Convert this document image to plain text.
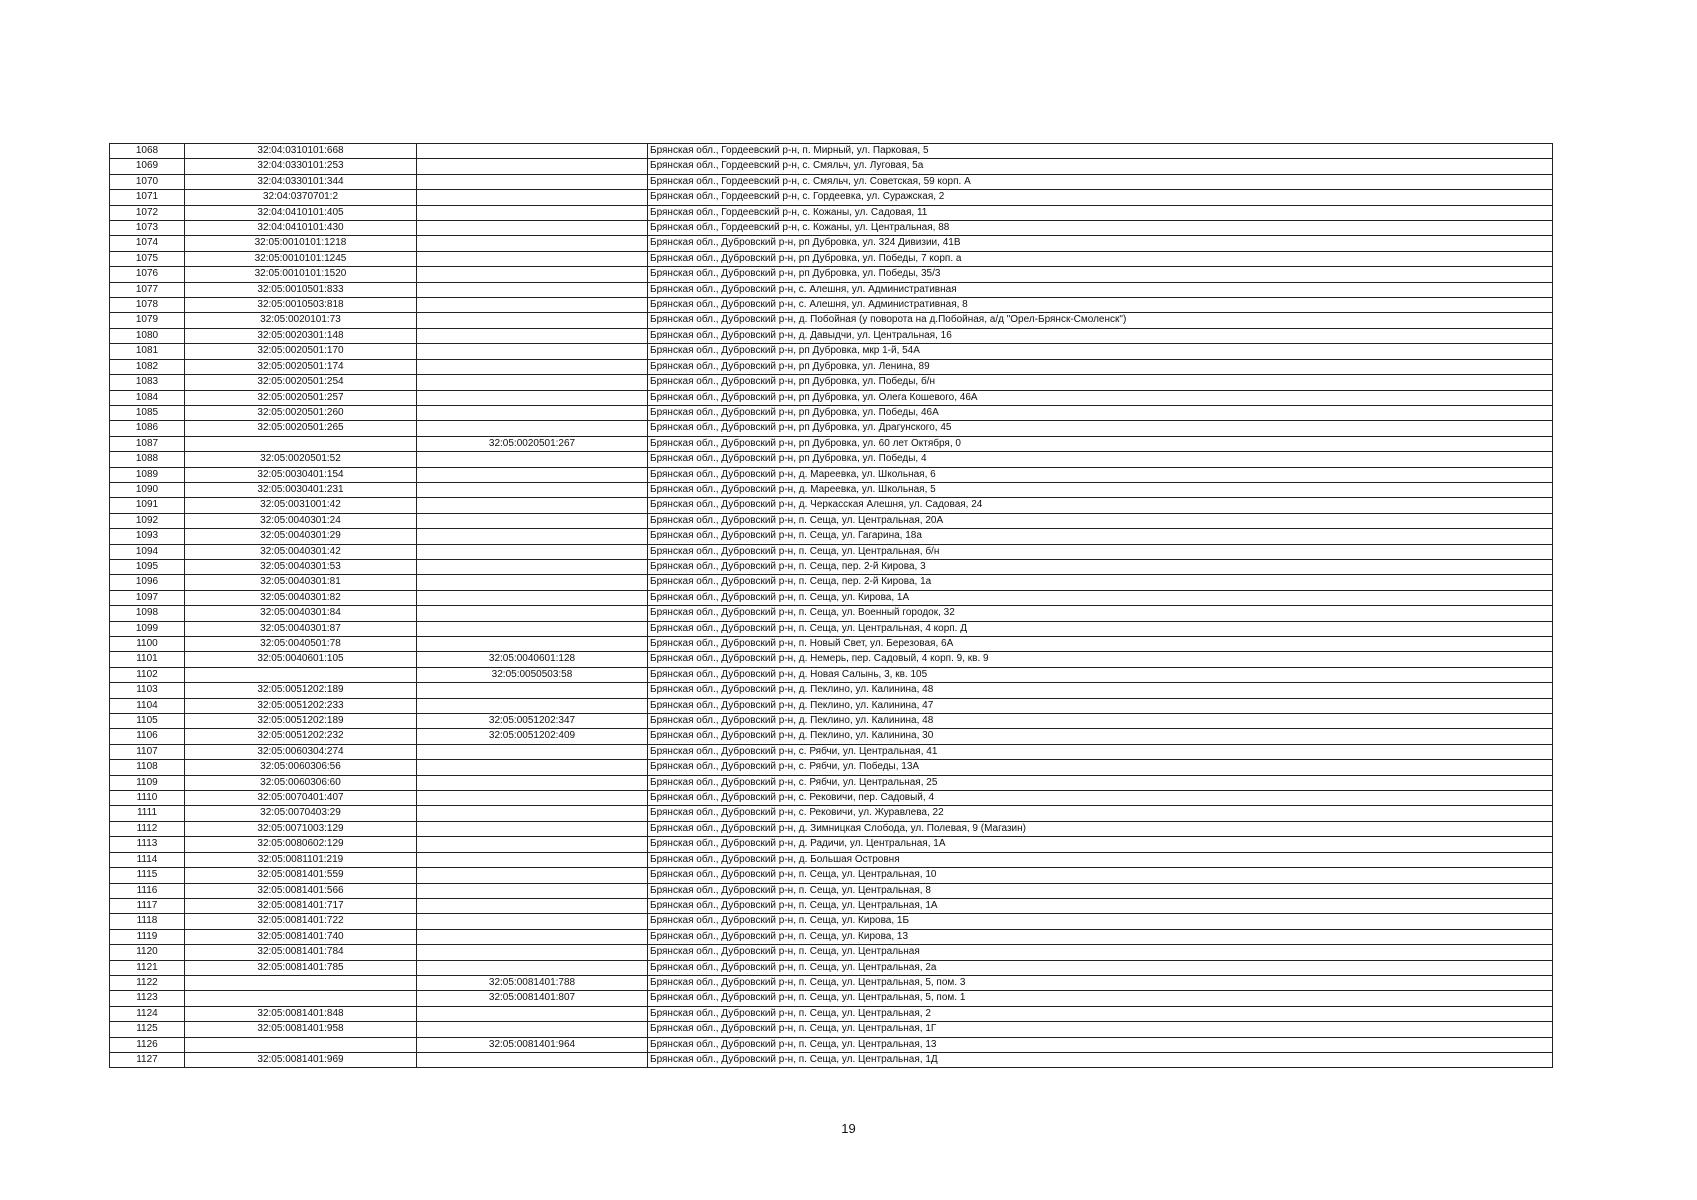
1068	32:04:0310101:668		Брянская обл., Гордеевский р-н, п. Мирный, ул. Парковая, 5
1069	32:04:0330101:253		Брянская обл., Гордеевский р-н, с. Смяльч, ул. Луговая, 5а
1070	32:04:0330101:344		Брянская обл., Гордеевский р-н, с. Смяльч, ул. Советская, 59 корп. А
1071	32:04:0370701:2		Брянская обл., Гордеевский р-н, с. Гордеевка, ул. Суражская, 2
1072	32:04:0410101:405		Брянская обл., Гордеевский р-н, с. Кожаны, ул. Садовая, 11
1073	32:04:0410101:430		Брянская обл., Гордеевский р-н, с. Кожаны, ул. Центральная, 88
1074	32:05:0010101:1218		Брянская обл., Дубровский р-н, рп Дубровка, ул. 324 Дивизии, 41В
1075	32:05:0010101:1245		Брянская обл., Дубровский р-н, рп Дубровка, ул. Победы, 7 корп. а
1076	32:05:0010101:1520		Брянская обл., Дубровский р-н, рп Дубровка, ул. Победы, 35/3
1077	32:05:0010501:833		Брянская обл., Дубровский р-н, с. Алешня, ул. Административная
1078	32:05:0010503:818		Брянская обл., Дубровский р-н, с. Алешня, ул. Административная, 8
1079	32:05:0020101:73		Брянская обл., Дубровский р-н, д. Побойная (у поворота на д.Побойная, а/д "Орел-Брянск-Смоленск")
1080	32:05:0020301:148		Брянская обл., Дубровский р-н, д. Давыдчи, ул. Центральная, 16
1081	32:05:0020501:170		Брянская обл., Дубровский р-н, рп Дубровка, мкр 1-й, 54А
1082	32:05:0020501:174		Брянская обл., Дубровский р-н, рп Дубровка, ул. Ленина, 89
1083	32:05:0020501:254		Брянская обл., Дубровский р-н, рп Дубровка, ул. Победы, б/н
1084	32:05:0020501:257		Брянская обл., Дубровский р-н, рп Дубровка, ул. Олега Кошевого, 46А
1085	32:05:0020501:260		Брянская обл., Дубровский р-н, рп Дубровка, ул. Победы, 46А
1086	32:05:0020501:265		Брянская обл., Дубровский р-н, рп Дубровка, ул. Драгунского, 45
1087		32:05:0020501:267	Брянская обл., Дубровский р-н, рп Дубровка, ул. 60 лет Октября, 0
1088	32:05:0020501:52		Брянская обл., Дубровский р-н, рп Дубровка, ул. Победы, 4
1089	32:05:0030401:154		Брянская обл., Дубровский р-н, д. Мареевка, ул. Школьная, 6
1090	32:05:0030401:231		Брянская обл., Дубровский р-н, д. Мареевка, ул. Школьная, 5
1091	32:05:0031001:42		Брянская обл., Дубровский р-н, д. Черкасская Алешня, ул. Садовая, 24
1092	32:05:0040301:24		Брянская обл., Дубровский р-н, п. Сеща, ул. Центральная, 20А
1093	32:05:0040301:29		Брянская обл., Дубровский р-н, п. Сеща, ул. Гагарина, 18а
1094	32:05:0040301:42		Брянская обл., Дубровский р-н, п. Сеща, ул. Центральная, б/н
1095	32:05:0040301:53		Брянская обл., Дубровский р-н, п. Сеща, пер. 2-й Кирова, 3
1096	32:05:0040301:81		Брянская обл., Дубровский р-н, п. Сеща, пер. 2-й Кирова, 1а
1097	32:05:0040301:82		Брянская обл., Дубровский р-н, п. Сеща, ул. Кирова, 1А
1098	32:05:0040301:84		Брянская обл., Дубровский р-н, п. Сеща, ул. Военный городок, 32
1099	32:05:0040301:87		Брянская обл., Дубровский р-н, п. Сеща, ул. Центральная, 4 корп. Д
1100	32:05:0040501:78		Брянская обл., Дубровский р-н, п. Новый Свет, ул. Березовая, 6А
1101	32:05:0040601:105	32:05:0040601:128	Брянская обл., Дубровский р-н, д. Немерь, пер. Садовый, 4 корп. 9, кв. 9
1102		32:05:0050503:58	Брянская обл., Дубровский р-н, д. Новая Салынь, 3, кв. 105
1103	32:05:0051202:189		Брянская обл., Дубровский р-н, д. Пеклино, ул. Калинина, 48
1104	32:05:0051202:233		Брянская обл., Дубровский р-н, д. Пеклино, ул. Калинина, 47
1105	32:05:0051202:189	32:05:0051202:347	Брянская обл., Дубровский р-н, д. Пеклино, ул. Калинина, 48
1106	32:05:0051202:232	32:05:0051202:409	Брянская обл., Дубровский р-н, д. Пеклино, ул. Калинина, 30
1107	32:05:0060304:274		Брянская обл., Дубровский р-н, с. Рябчи, ул. Центральная, 41
1108	32:05:0060306:56		Брянская обл., Дубровский р-н, с. Рябчи, ул. Победы, 13А
1109	32:05:0060306:60		Брянская обл., Дубровский р-н, с. Рябчи, ул. Центральная, 25
1110	32:05:0070401:407		Брянская обл., Дубровский р-н, с. Рековичи, пер. Садовый, 4
1111	32:05:0070403:29		Брянская обл., Дубровский р-н, с. Рековичи, ул. Журавлева, 22
1112	32:05:0071003:129		Брянская обл., Дубровский р-н, д. Зимницкая Слобода, ул. Полевая, 9 (Магазин)
1113	32:05:0080602:129		Брянская обл., Дубровский р-н, д. Радичи, ул. Центральная, 1А
1114	32:05:0081101:219		Брянская обл., Дубровский р-н, д. Большая Островня
1115	32:05:0081401:559		Брянская обл., Дубровский р-н, п. Сеща, ул. Центральная, 10
1116	32:05:0081401:566		Брянская обл., Дубровский р-н, п. Сеща, ул. Центральная, 8
1117	32:05:0081401:717		Брянская обл., Дубровский р-н, п. Сеща, ул. Центральная, 1А
1118	32:05:0081401:722		Брянская обл., Дубровский р-н, п. Сеща, ул. Кирова, 1Б
1119	32:05:0081401:740		Брянская обл., Дубровский р-н, п. Сеща, ул. Кирова, 13
1120	32:05:0081401:784		Брянская обл., Дубровский р-н, п. Сеща, ул. Центральная
1121	32:05:0081401:785		Брянская обл., Дубровский р-н, п. Сеща, ул. Центральная, 2а
1122		32:05:0081401:788	Брянская обл., Дубровский р-н, п. Сеща, ул. Центральная, 5, пом. 3
1123		32:05:0081401:807	Брянская обл., Дубровский р-н, п. Сеща, ул. Центральная, 5, пом. 1
1124	32:05:0081401:848		Брянская обл., Дубровский р-н, п. Сеща, ул. Центральная, 2
1125	32:05:0081401:958		Брянская обл., Дубровский р-н, п. Сеща, ул. Центральная, 1Г
1126		32:05:0081401:964	Брянская обл., Дубровский р-н, п. Сеща, ул. Центральная, 13
1127	32:05:0081401:969		Брянская обл., Дубровский р-н, п. Сеща, ул. Центральная, 1Д
19
